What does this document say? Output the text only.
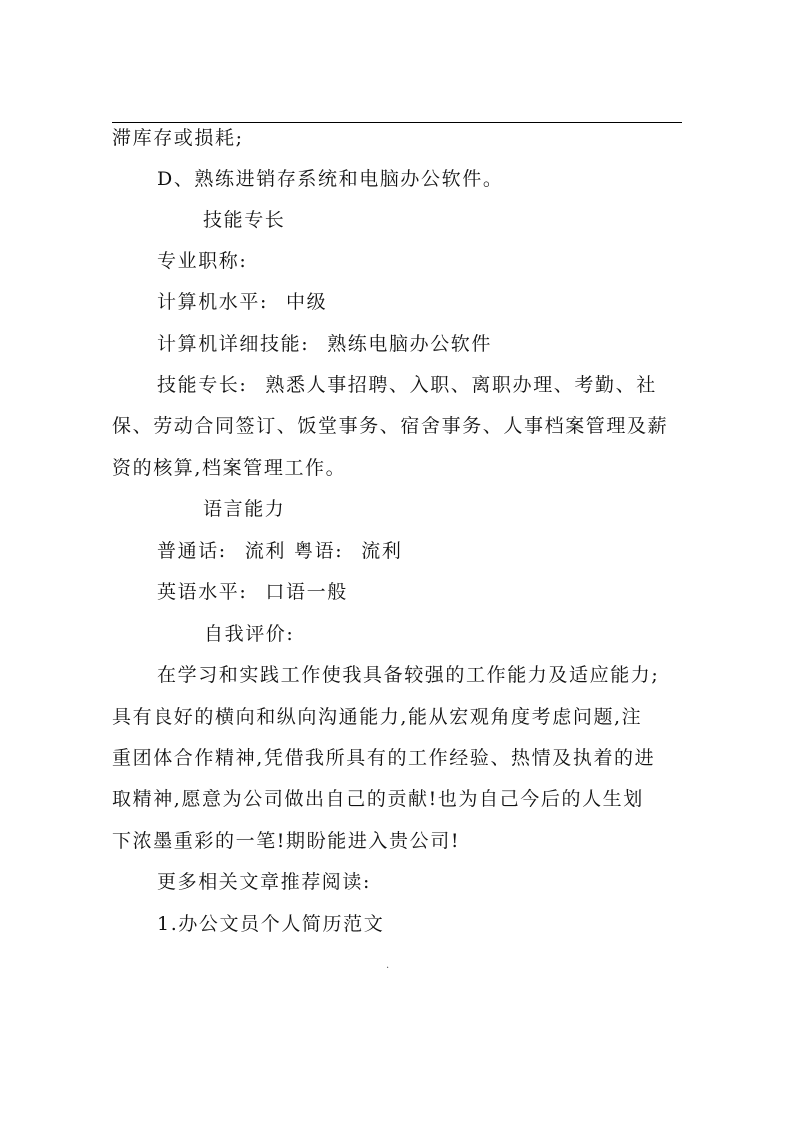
滞库存或损耗;
D、熟练进销存系统和电脑办公软件。
技能专长
专业职称:
计算机水平: 中级
计算机详细技能: 熟练电脑办公软件
技能专长: 熟悉人事招聘、入职、离职办理、考勤、社
保、劳动合同签订、饭堂事务、宿舍事务、人事档案管理及薪
资的核算,档案管理工作。
语言能力
普通话: 流利 粤语: 流利
英语水平: 口语一般
自我评价:
在学习和实践工作使我具备较强的工作能力及适应能力;
具有良好的横向和纵向沟通能力,能从宏观角度考虑问题,注
重团体合作精神,凭借我所具有的工作经验、热情及执着的进
取精神,愿意为公司做出自己的贡献!也为自己今后的人生划
下浓墨重彩的一笔!期盼能进入贵公司!
更多相关文章推荐阅读:
1.办公文员个人简历范文
.
